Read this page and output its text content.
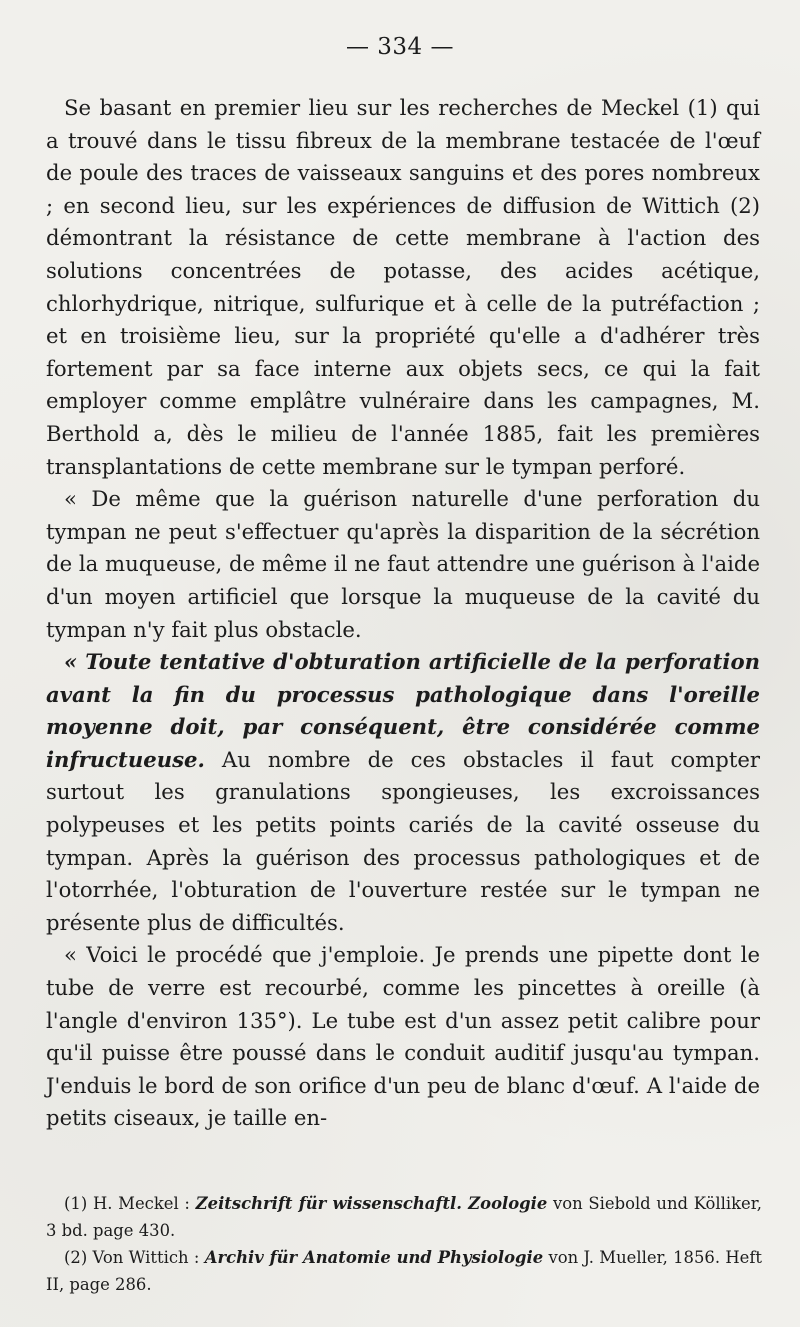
— 334 —

Se basant en premier lieu sur les recherches de Meckel (1) qui a trouvé dans le tissu fibreux de la membrane testacée de l'œuf de poule des traces de vaisseaux sanguins et des pores nombreux ; en second lieu, sur les expériences de diffusion de Wittich (2) démontrant la résistance de cette membrane à l'action des solutions concentrées de potasse, des acides acétique, chlorhydrique, nitrique, sulfurique et à celle de la putréfaction ; et en troisième lieu, sur la propriété qu'elle a d'adhérer très fortement par sa face interne aux objets secs, ce qui la fait employer comme emplâtre vulnéraire dans les campagnes, M. Berthold a, dès le milieu de l'année 1885, fait les premières transplantations de cette membrane sur le tympan perforé.

« De même que la guérison naturelle d'une perforation du tympan ne peut s'effectuer qu'après la disparition de la sécrétion de la muqueuse, de même il ne faut attendre une guérison à l'aide d'un moyen artificiel que lorsque la muqueuse de la cavité du tympan n'y fait plus obstacle.

« Toute tentative d'obturation artificielle de la perforation avant la fin du processus pathologique dans l'oreille moyenne doit, par conséquent, être considérée comme infructueuse. Au nombre de ces obstacles il faut compter surtout les granulations spongieuses, les excroissances polypeuses et les petits points cariés de la cavité osseuse du tympan. Après la guérison des processus pathologiques et de l'otorrhée, l'obturation de l'ouverture restée sur le tympan ne présente plus de difficultés.

« Voici le procédé que j'emploie. Je prends une pipette dont le tube de verre est recourbé, comme les pincettes à oreille (à l'angle d'environ 135°). Le tube est d'un assez petit calibre pour qu'il puisse être poussé dans le conduit auditif jusqu'au tympan. J'enduis le bord de son orifice d'un peu de blanc d'œuf. A l'aide de petits ciseaux, je taille en-

(1) H. Meckel : Zeitschrift für wissenschaftl. Zoologie von Siebold und Kölliker, 3 bd. page 430.

(2) Von Wittich : Archiv für Anatomie und Physiologie von J. Mueller, 1856. Heft II, page 286.
